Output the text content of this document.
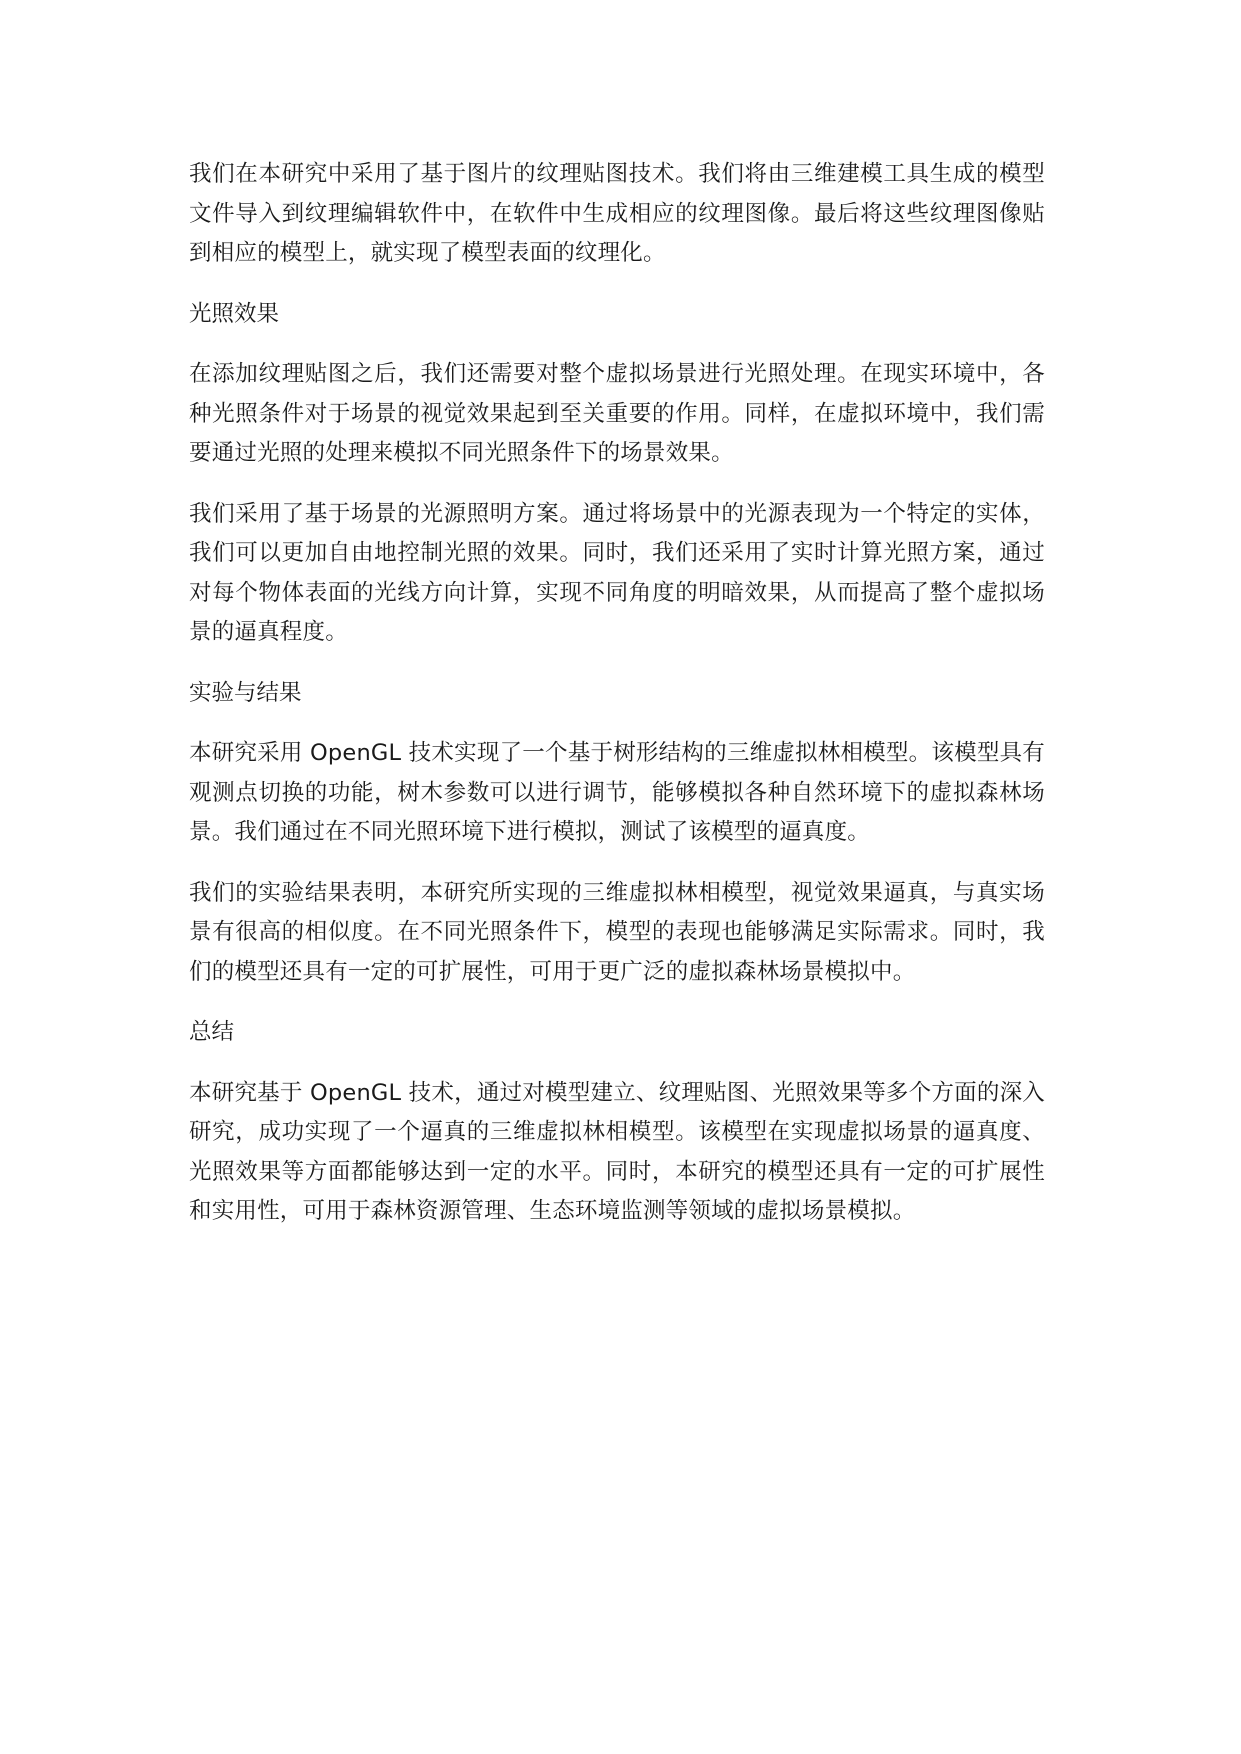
我们在本研究中采用了基于图片的纹理贴图技术。我们将由三维建模工具生成的模型文件导入到纹理编辑软件中，在软件中生成相应的纹理图像。最后将这些纹理图像贴到相应的模型上，就实现了模型表面的纹理化。

光照效果

在添加纹理贴图之后，我们还需要对整个虚拟场景进行光照处理。在现实环境中，各种光照条件对于场景的视觉效果起到至关重要的作用。同样，在虚拟环境中，我们需要通过光照的处理来模拟不同光照条件下的场景效果。

我们采用了基于场景的光源照明方案。通过将场景中的光源表现为一个特定的实体，我们可以更加自由地控制光照的效果。同时，我们还采用了实时计算光照方案，通过对每个物体表面的光线方向计算，实现不同角度的明暗效果，从而提高了整个虚拟场景的逼真程度。

实验与结果

本研究采用 OpenGL 技术实现了一个基于树形结构的三维虚拟林相模型。该模型具有观测点切换的功能，树木参数可以进行调节，能够模拟各种自然环境下的虚拟森林场景。我们通过在不同光照环境下进行模拟，测试了该模型的逼真度。

我们的实验结果表明，本研究所实现的三维虚拟林相模型，视觉效果逼真，与真实场景有很高的相似度。在不同光照条件下，模型的表现也能够满足实际需求。同时，我们的模型还具有一定的可扩展性，可用于更广泛的虚拟森林场景模拟中。

总结

本研究基于 OpenGL 技术，通过对模型建立、纹理贴图、光照效果等多个方面的深入研究，成功实现了一个逼真的三维虚拟林相模型。该模型在实现虚拟场景的逼真度、光照效果等方面都能够达到一定的水平。同时，本研究的模型还具有一定的可扩展性和实用性，可用于森林资源管理、生态环境监测等领域的虚拟场景模拟。
